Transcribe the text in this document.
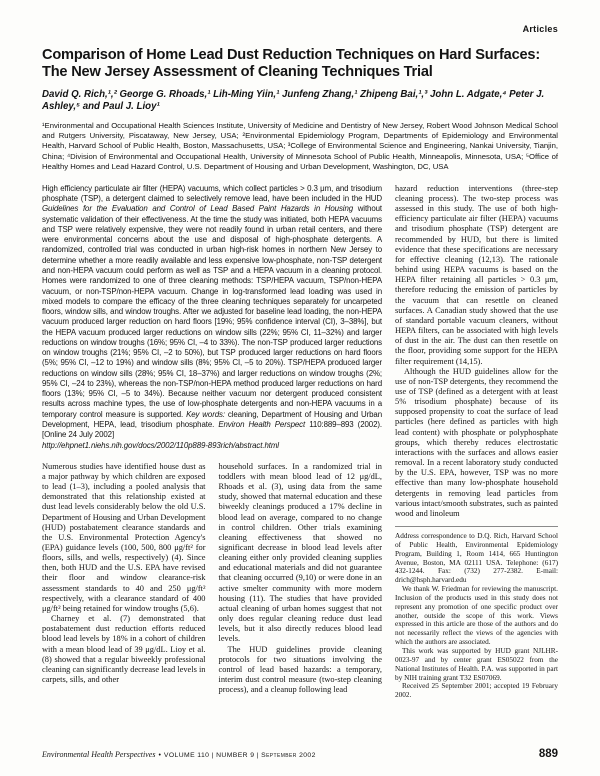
Articles
Comparison of Home Lead Dust Reduction Techniques on Hard Surfaces:
The New Jersey Assessment of Cleaning Techniques Trial

David Q. Rich,¹,² George G. Rhoads,¹ Lih-Ming Yiin,¹ Junfeng Zhang,¹ Zhipeng Bai,¹,³ John L. Adgate,⁴ Peter J. Ashley,⁵ and Paul J. Lioy¹

¹Environmental and Occupational Health Sciences Institute, University of Medicine and Dentistry of New Jersey, Robert Wood Johnson Medical School and Rutgers University, Piscataway, New Jersey, USA; ²Environmental Epidemiology Program, Departments of Epidemiology and Environmental Health, Harvard School of Public Health, Boston, Massachusetts, USA; ³College of Environmental Science and Engineering, Nankai University, Tianjin, China; ⁴Division of Environmental and Occupational Health, University of Minnesota School of Public Health, Minneapolis, Minnesota, USA; ⁵Office of Healthy Homes and Lead Hazard Control, U.S. Department of Housing and Urban Development, Washington, DC, USA

High efficiency particulate air filter (HEPA) vacuums, which collect particles > 0.3 μm, and trisodium phosphate (TSP), a detergent claimed to selectively remove lead, have been included in the HUD Guidelines for the Evaluation and Control of Lead Based Paint Hazards in Housing without systematic validation of their effectiveness. At the time the study was initiated, both HEPA vacuums and TSP were relatively expensive, they were not readily found in urban retail centers, and there were environmental concerns about the use and disposal of high-phosphate detergents. A randomized, controlled trial was conducted in urban high-risk homes in northern New Jersey to determine whether a more readily available and less expensive low-phosphate, non-TSP detergent and non-HEPA vacuum could perform as well as TSP and a HEPA vacuum in a cleaning protocol. Homes were randomized to one of three cleaning methods: TSP/HEPA vacuum, TSP/non-HEPA vacuum, or non-TSP/non-HEPA vacuum. Change in log-transformed lead loading was used in mixed models to compare the efficacy of the three cleaning techniques separately for uncarpeted floors, window sills, and window troughs. After we adjusted for baseline lead loading, the non-HEPA vacuum produced larger reduction on hard floors [19%; 95% confidence interval (CI), 3–38%], but the HEPA vacuum produced larger reductions on window sills (22%; 95% CI, 11–32%) and larger reductions on window troughs (16%; 95% CI, –4 to 33%). The non-TSP produced larger reductions on window troughs (21%; 95% CI, –2 to 50%), but TSP produced larger reductions on hard floors (5%; 95% CI, –12 to 19%) and window sills (8%; 95% CI, –5 to 20%). TSP/HEPA produced larger reductions on window sills (28%; 95% CI, 18–37%) and larger reductions on window troughs (2%; 95% CI, –24 to 23%), whereas the non-TSP/non-HEPA method produced larger reductions on hard floors (13%; 95% CI, –5 to 34%). Because neither vacuum nor detergent produced consistent results across machine types, the use of low-phosphate detergents and non-HEPA vacuums in a temporary control measure is supported. Key words: cleaning, Department of Housing and Urban Development, HEPA, lead, trisodium phosphate. Environ Health Perspect 110:889–893 (2002). [Online 24 July 2002]
http://ehpnet1.niehs.nih.gov/docs/2002/110p889-893rich/abstract.html

Numerous studies have identified house dust as a major pathway by which children are exposed to lead (1–3), including a pooled analysis that demonstrated that this relationship existed at dust lead levels considerably below the old U.S. Department of Housing and Urban Development (HUD) postabatement clearance standards and the U.S. Environmental Protection Agency's (EPA) guidance levels (100, 500, 800 μg/ft² for floors, sills, and wells, respectively) (4). Since then, both HUD and the U.S. EPA have revised their floor and window clearance-risk assessment standards to 40 and 250 μg/ft² respectively, with a clearance standard of 400 μg/ft² being retained for window troughs (5,6).

Charney et al. (7) demonstrated that postabatement dust reduction efforts reduced blood lead levels by 18% in a cohort of children with a mean blood lead of 39 μg/dL. Lioy et al. (8) showed that a regular biweekly professional cleaning can significantly decrease lead levels in carpets, sills, and other

household surfaces. In a randomized trial in toddlers with mean blood lead of 12 μg/dL, Rhoads et al. (3), using data from the same study, showed that maternal education and these biweekly cleanings produced a 17% decline in blood lead on average, compared to no change in control children. Other trials examining cleaning effectiveness that showed no significant decrease in blood lead levels after cleaning either only provided cleaning supplies and educational materials and did not guarantee that cleaning occurred (9,10) or were done in an active smelter community with more modern housing (11). The studies that have provided actual cleaning of urban homes suggest that not only does regular cleaning reduce dust lead levels, but it also directly reduces blood lead levels.

The HUD guidelines provide cleaning protocols for two situations involving the control of lead based hazards: a temporary, interim dust control measure (two-step cleaning process), and a cleanup following lead

hazard reduction interventions (three-step cleaning process). The two-step process was assessed in this study. The use of both high-efficiency particulate air filter (HEPA) vacuums and trisodium phosphate (TSP) detergent are recommended by HUD, but there is limited evidence that these specifications are necessary for effective cleaning (12,13). The rationale behind using HEPA vacuums is based on the HEPA filter retaining all particles > 0.3 μm, therefore reducing the emission of particles by the vacuum that can resettle on cleaned surfaces. A Canadian study showed that the use of standard portable vacuum cleaners, without HEPA filters, can be associated with high levels of dust in the air. The dust can then resettle on the floor, providing some support for the HEPA filter requirement (14,15).

Although the HUD guidelines allow for the use of non-TSP detergents, they recommend the use of TSP (defined as a detergent with at least 5% trisodium phosphate) because of its supposed propensity to coat the surface of lead particles (here defined as particles with high lead content) with phosphate or polyphosphate groups, which thereby reduces electrostatic interactions with the surfaces and allows easier removal. In a recent laboratory study conducted by the U.S. EPA, however, TSP was no more effective than many low-phosphate household detergents in removing lead particles from various intact/smooth substrates, such as painted wood and linoleum

Address correspondence to D.Q. Rich, Harvard School of Public Health, Environmental Epidemiology Program, Building 1, Room 1414, 665 Huntington Avenue, Boston, MA 02111 USA. Telephone: (617) 432-1244. Fax: (732) 277-2382. E-mail: drich@hsph.harvard.edu

We thank W. Friedman for reviewing the manuscript. Inclusion of the products used in this study does not represent any promotion of one specific product over another, outside the scope of this work. Views expressed in this article are those of the authors and do not necessarily reflect the views of the agencies with which the authors are associated.

This work was supported by HUD grant NJLHR-0023-97 and by center grant ES05022 from the National Institutes of Health. P.A. was supported in part by NIH training grant T32 ES07069.

Received 25 September 2001; accepted 19 February 2002.

Environmental Health Perspectives • VOLUME 110 | NUMBER 9 | September 2002	889
